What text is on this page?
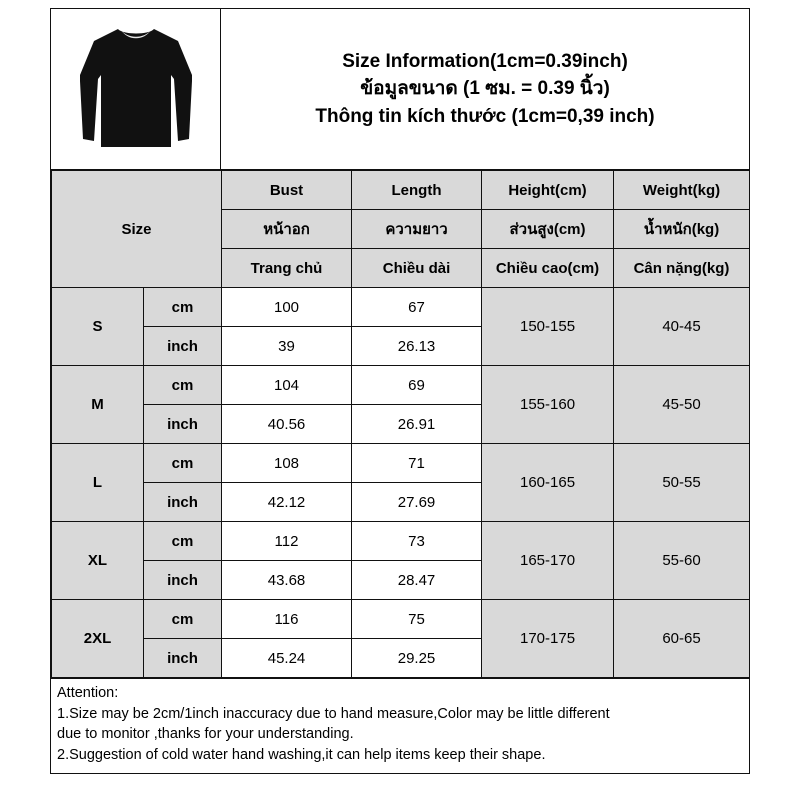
Size Information(1cm=0.39inch)
ข้อมูลขนาด (1 ซม. = 0.39 นิ้ว)
Thông tin kích thước (1cm=0,39 inch)
Size		Bust	Length	Height(cm)	Weight(kg)
		หน้าอก	ความยาว	ส่วนสูง(cm)	น้ำหนัก(kg)
		Trang chủ	Chiều dài	Chiều cao(cm)	Cân nặng(kg)
S	cm	100	67	150-155	40-45
	inch	39	26.13		
M	cm	104	69	155-160	45-50
	inch	40.56	26.91		
L	cm	108	71	160-165	50-55
	inch	42.12	27.69		
XL	cm	112	73	165-170	55-60
	inch	43.68	28.47		
2XL	cm	116	75	170-175	60-65
	inch	45.24	29.25		
Attention:
1.Size may be 2cm/1inch inaccuracy due to hand measure,Color may be little different
due to monitor ,thanks for your understanding.
2.Suggestion of cold water hand washing,it can help items keep their shape.
